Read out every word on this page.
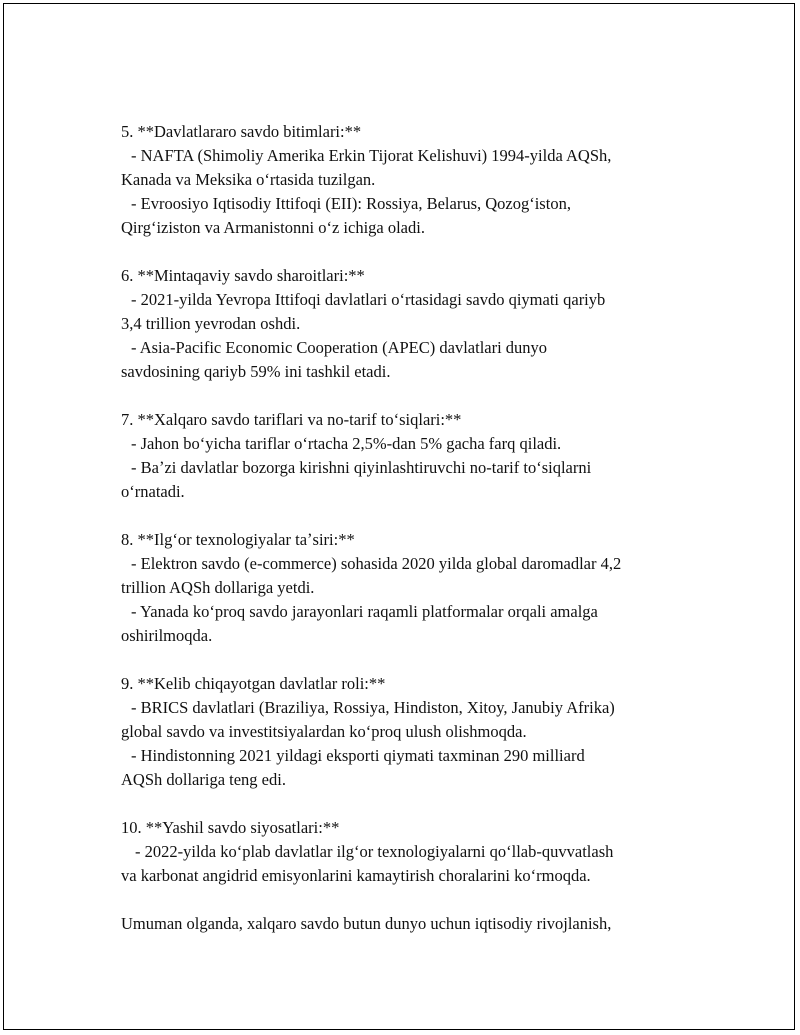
5. **Davlatlararo savdo bitimlari:**
- NAFTA (Shimoliy Amerika Erkin Tijorat Kelishuvi) 1994-yilda AQSh,
Kanada va Meksika oʻrtasida tuzilgan.
- Evroosiyo Iqtisodiy Ittifoqi (EII): Rossiya, Belarus, Qozogʻiston,
Qirgʻiziston va Armanistonni oʻz ichiga oladi.
6. **Mintaqaviy savdo sharoitlari:**
- 2021-yilda Yevropa Ittifoqi davlatlari oʻrtasidagi savdo qiymati qariyb
3,4 trillion yevrodan oshdi.
- Asia-Pacific Economic Cooperation (APEC) davlatlari dunyo
savdosining qariyb 59% ini tashkil etadi.
7. **Xalqaro savdo tariflari va no-tarif toʻsiqlari:**
- Jahon boʻyicha tariflar oʻrtacha 2,5%-dan 5% gacha farq qiladi.
- Baʼzi davlatlar bozorga kirishni qiyinlashtiruvchi no-tarif toʻsiqlarni
oʻrnatadi.
8. **Ilgʻor texnologiyalar taʼsiri:**
- Elektron savdo (e-commerce) sohasida 2020 yilda global daromadlar 4,2
trillion AQSh dollariga yetdi.
- Yanada koʻproq savdo jarayonlari raqamli platformalar orqali amalga
oshirilmoqda.
9. **Kelib chiqayotgan davlatlar roli:**
- BRICS davlatlari (Braziliya, Rossiya, Hindiston, Xitoy, Janubiy Afrika)
global savdo va investitsiyalardan koʻproq ulush olishmoqda.
- Hindistonning 2021 yildagi eksporti qiymati taxminan 290 milliard
AQSh dollariga teng edi.
10. **Yashil savdo siyosatlari:**
- 2022-yilda koʻplab davlatlar ilgʻor texnologiyalarni qoʻllab-quvvatlash
va karbonat angidrid emisyonlarini kamaytirish choralarini koʻrmoqda.
Umuman olganda, xalqaro savdo butun dunyo uchun iqtisodiy rivojlanish,
